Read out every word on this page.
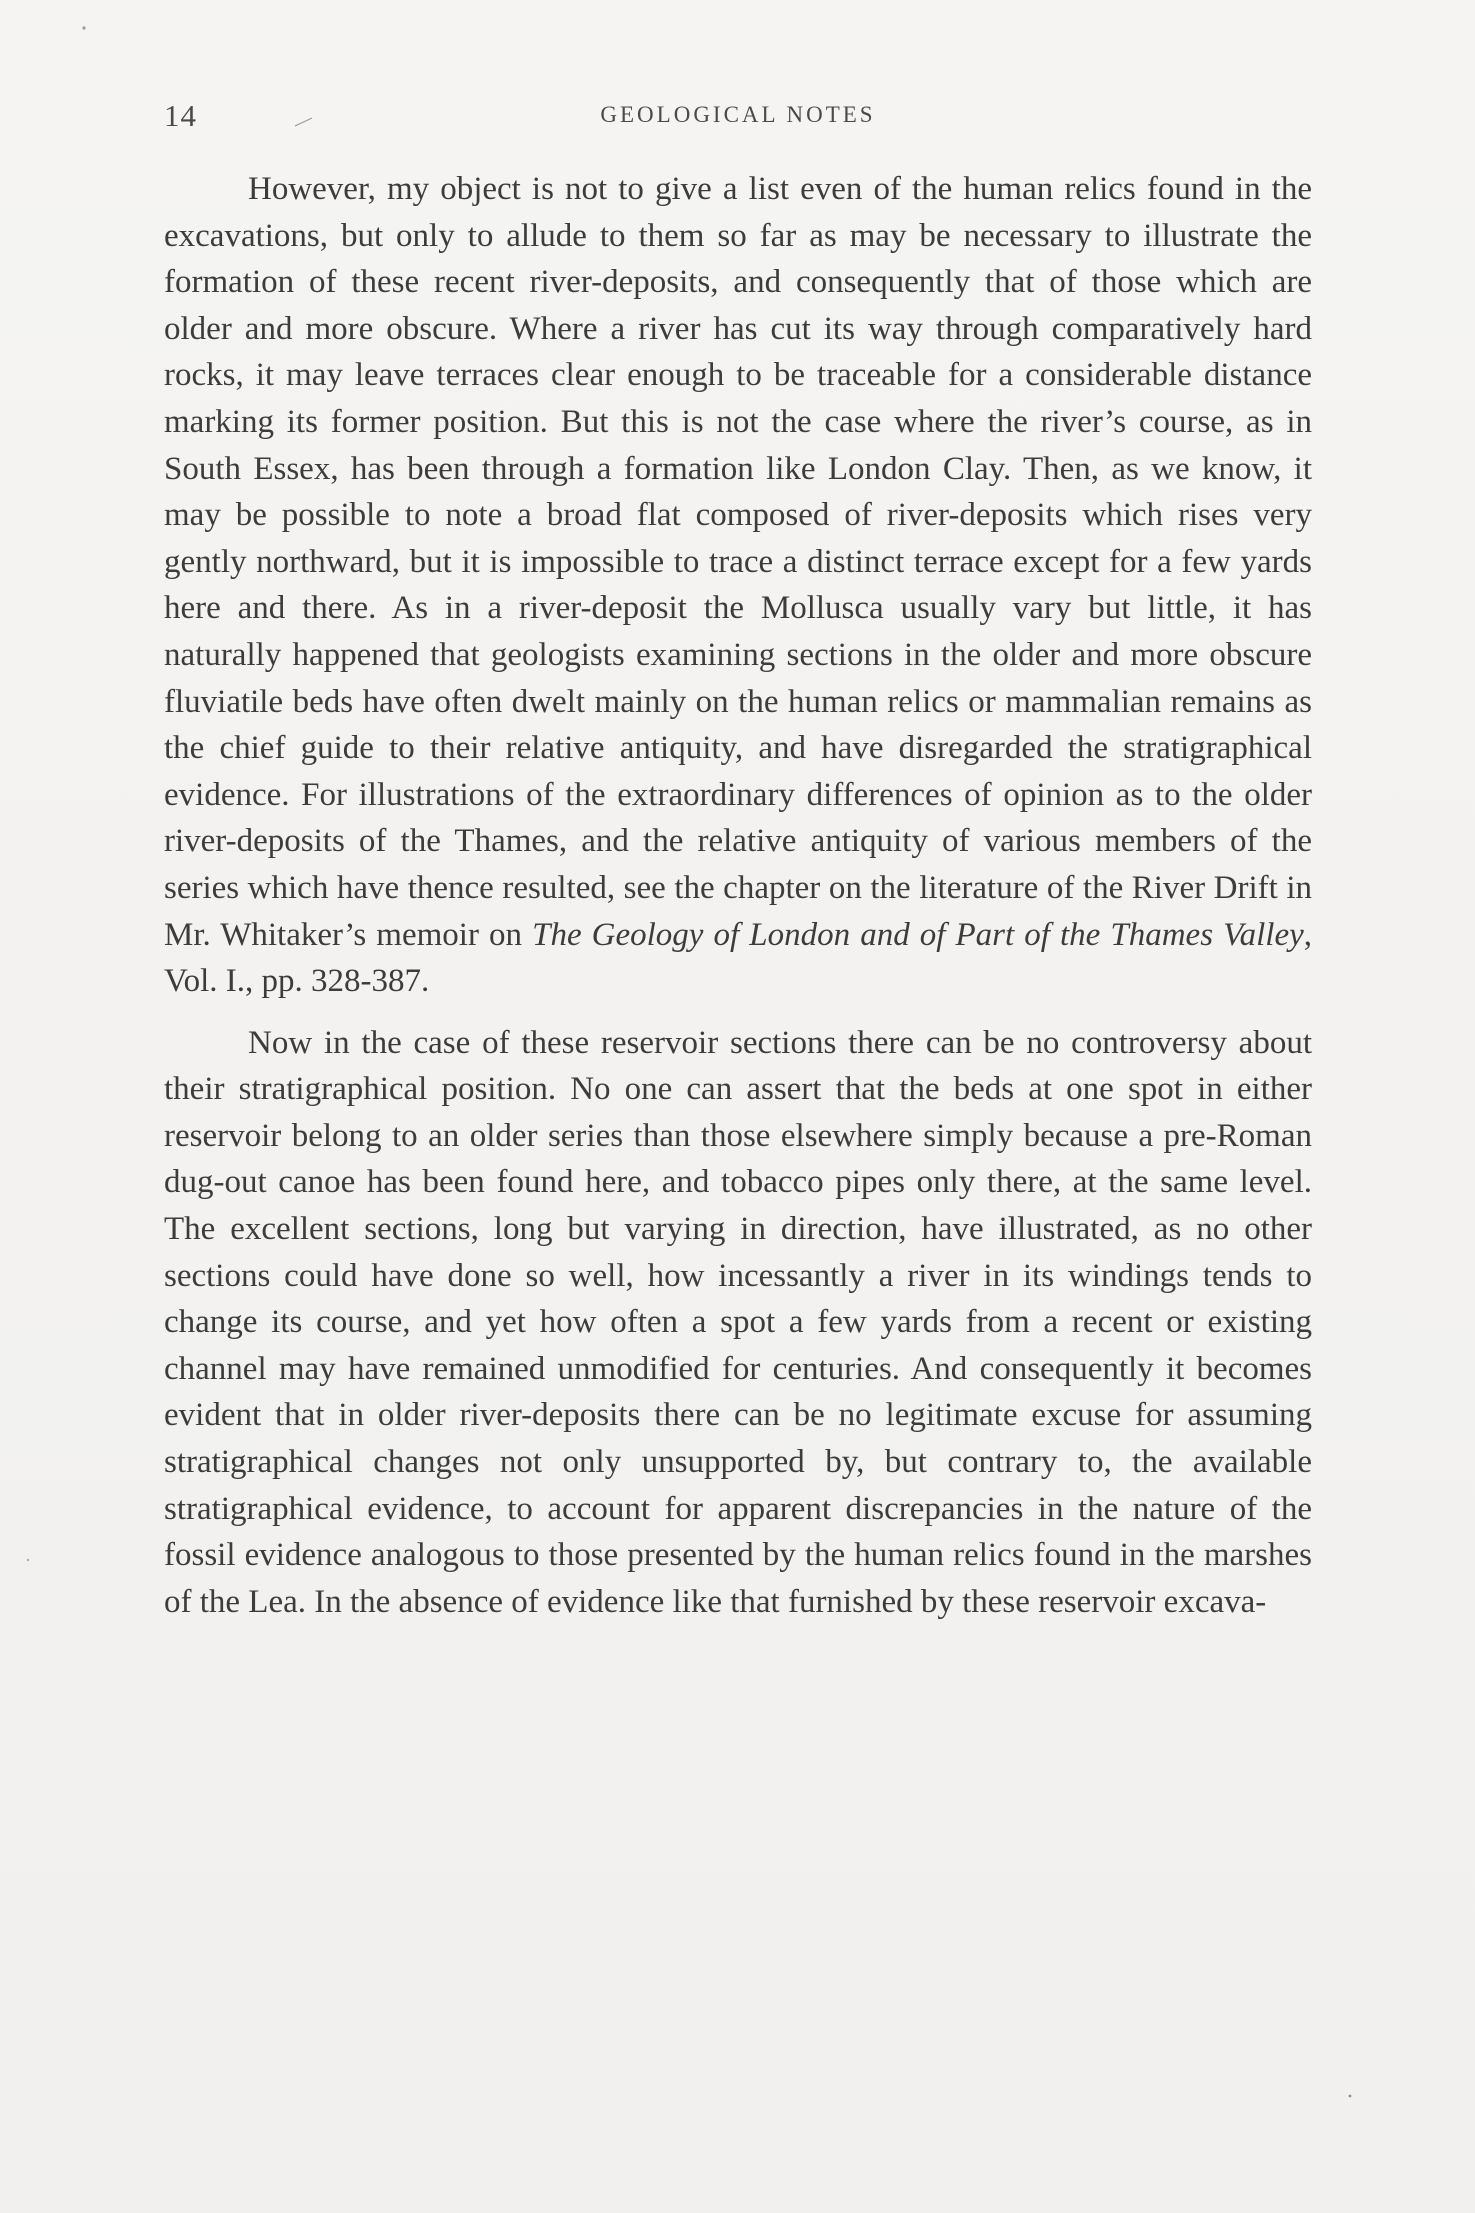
14	GEOLOGICAL NOTES

However, my object is not to give a list even of the human relics found in the excavations, but only to allude to them so far as may be necessary to illustrate the formation of these recent river-deposits, and consequently that of those which are older and more obscure. Where a river has cut its way through comparatively hard rocks, it may leave terraces clear enough to be traceable for a considerable distance marking its former position. But this is not the case where the river’s course, as in South Essex, has been through a formation like London Clay. Then, as we know, it may be possible to note a broad flat composed of river-deposits which rises very gently northward, but it is impossible to trace a distinct terrace except for a few yards here and there. As in a river-deposit the Mollusca usually vary but little, it has naturally happened that geologists examining sections in the older and more obscure fluviatile beds have often dwelt mainly on the human relics or mammalian remains as the chief guide to their relative antiquity, and have disregarded the stratigraphical evidence. For illustrations of the extraordinary differences of opinion as to the older river-deposits of the Thames, and the relative antiquity of various members of the series which have thence resulted, see the chapter on the literature of the River Drift in Mr. Whitaker’s memoir on The Geology of London and of Part of the Thames Valley, Vol. I., pp. 328-387.

Now in the case of these reservoir sections there can be no controversy about their stratigraphical position. No one can assert that the beds at one spot in either reservoir belong to an older series than those elsewhere simply because a pre-Roman dug-out canoe has been found here, and tobacco pipes only there, at the same level. The excellent sections, long but varying in direction, have illustrated, as no other sections could have done so well, how incessantly a river in its windings tends to change its course, and yet how often a spot a few yards from a recent or existing channel may have remained unmodified for centuries. And consequently it becomes evident that in older river-deposits there can be no legitimate excuse for assuming stratigraphical changes not only unsupported by, but contrary to, the available stratigraphical evidence, to account for apparent discrepancies in the nature of the fossil evidence analogous to those presented by the human relics found in the marshes of the Lea. In the absence of evidence like that furnished by these reservoir excava-
